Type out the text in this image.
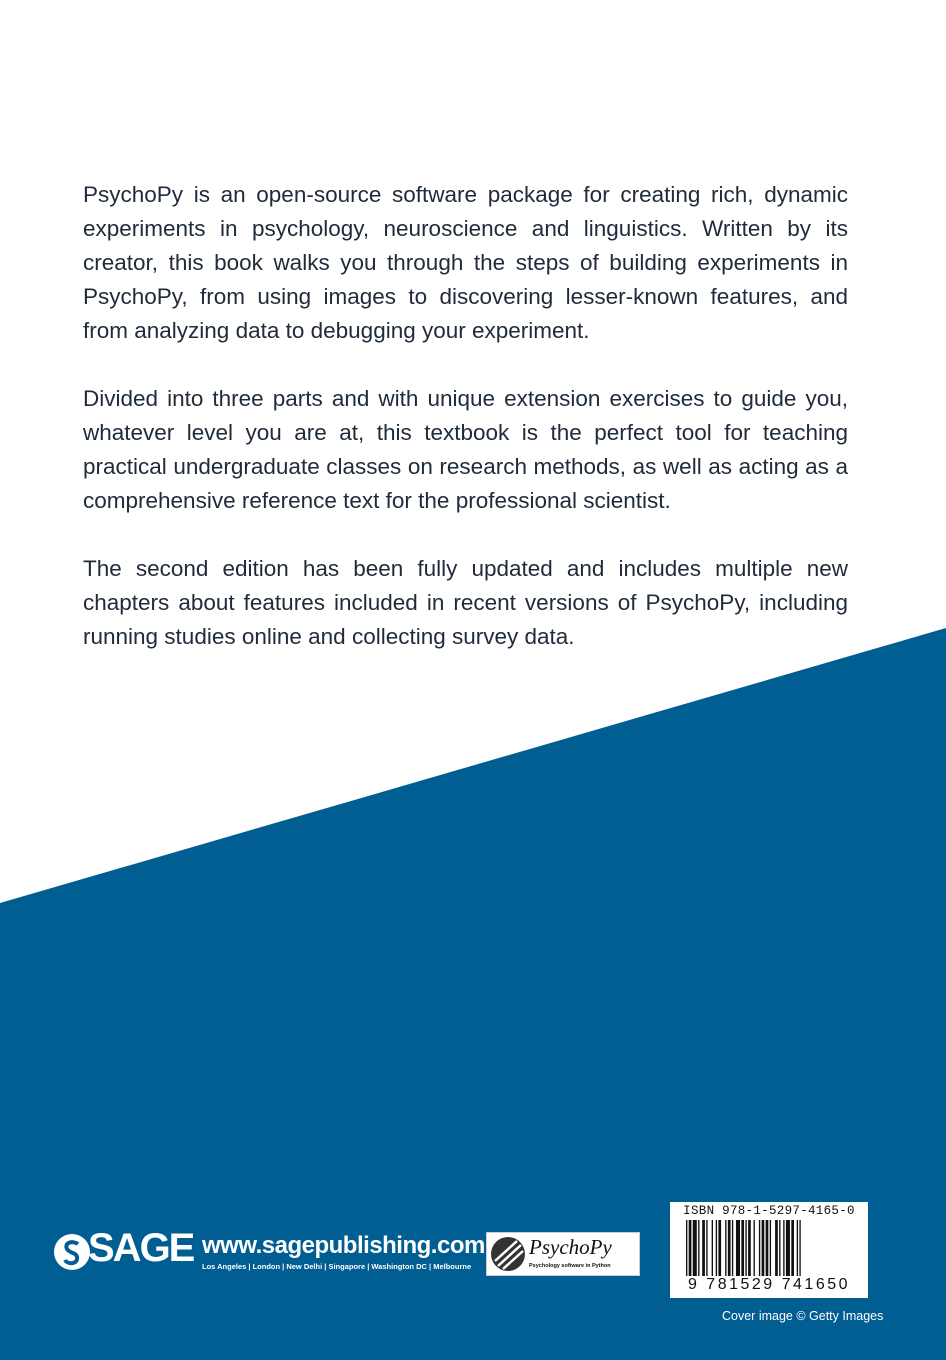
PsychoPy is an open-source software package for creating rich, dynamic experiments in psychology, neuroscience and linguistics. Written by its creator, this book walks you through the steps of building experiments in PsychoPy, from using images to discovering lesser-known features, and from analyzing data to debugging your experiment.

Divided into three parts and with unique extension exercises to guide you, whatever level you are at, this textbook is the perfect tool for teaching practical undergraduate classes on research methods, as well as acting as a comprehensive reference text for the professional scientist.

The second edition has been fully updated and includes multiple new chapters about features included in recent versions of PsychoPy, including running studies online and collecting survey data.

SAGE www.sagepublishing.com
Los Angeles | London | New Delhi | Singapore | Washington DC | Melbourne
PsychoPy
Psychology software in Python
ISBN 978-1-5297-4165-0
9 781529 741650
Cover image © Getty Images
